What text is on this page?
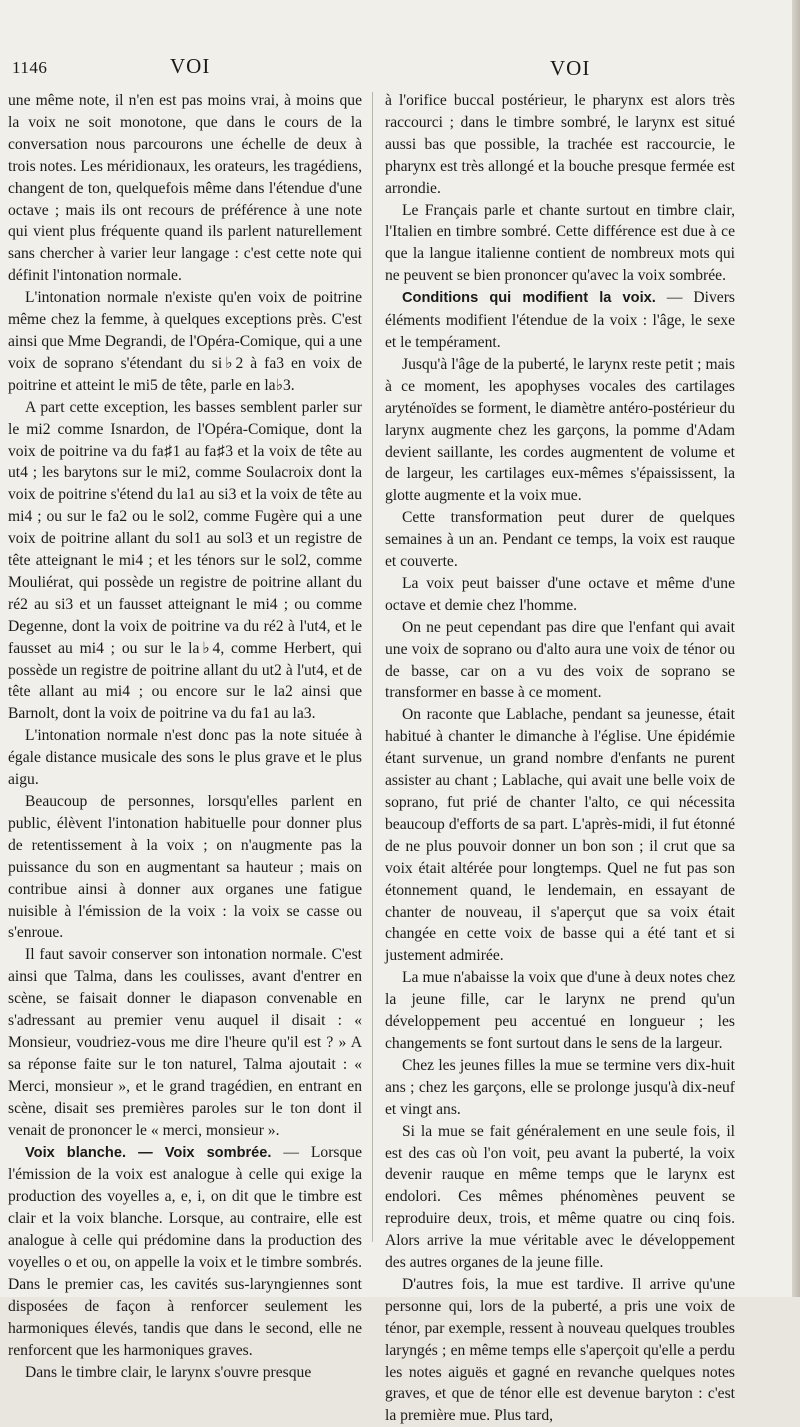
1146	VOI	VOI

une même note, il n'en est pas moins vrai, à moins que la voix ne soit monotone, que dans le cours de la conversation nous parcourons une échelle de deux à trois notes. Les méridionaux, les orateurs, les tragédiens, changent de ton, quelquefois même dans l'étendue d'une octave ; mais ils ont recours de préférence à une note qui vient plus fréquente quand ils parlent naturellement sans chercher à varier leur langage : c'est cette note qui définit l'intonation normale.

L'intonation normale n'existe qu'en voix de poitrine même chez la femme, à quelques exceptions près. C'est ainsi que Mme Degrandi, de l'Opéra-Comique, qui a une voix de soprano s'étendant du si♭2 à fa3 en voix de poitrine et atteint le mi5 de tête, parle en la♭3.

A part cette exception, les basses semblent parler sur le mi2 comme Isnardon, de l'Opéra-Comique, dont la voix de poitrine va du fa♯1 au fa♯3 et la voix de tête au ut4 ; les barytons sur le mi2, comme Soulacroix dont la voix de poitrine s'étend du la1 au si3 et la voix de tête au mi4 ; ou sur le fa2 ou le sol2, comme Fugère qui a une voix de poitrine allant du sol1 au sol3 et un registre de tête atteignant le mi4 ; et les ténors sur le sol2, comme Mouliérat, qui possède un registre de poitrine allant du ré2 au si3 et un fausset atteignant le mi4 ; ou comme Degenne, dont la voix de poitrine va du ré2 à l'ut4, et le fausset au mi4 ; ou sur le la♭4, comme Herbert, qui possède un registre de poitrine allant du ut2 à l'ut4, et de tête allant au mi4 ; ou encore sur le la2 ainsi que Barnolt, dont la voix de poitrine va du fa1 au la3.

L'intonation normale n'est donc pas la note située à égale distance musicale des sons le plus grave et le plus aigu.

Beaucoup de personnes, lorsqu'elles parlent en public, élèvent l'intonation habituelle pour donner plus de retentissement à la voix ; on n'augmente pas la puissance du son en augmentant sa hauteur ; mais on contribue ainsi à donner aux organes une fatigue nuisible à l'émission de la voix : la voix se casse ou s'enroue.

Il faut savoir conserver son intonation normale. C'est ainsi que Talma, dans les coulisses, avant d'entrer en scène, se faisait donner le diapason convenable en s'adressant au premier venu auquel il disait : « Monsieur, voudriez-vous me dire l'heure qu'il est ? » A sa réponse faite sur le ton naturel, Talma ajoutait : « Merci, monsieur », et le grand tragédien, en entrant en scène, disait ses premières paroles sur le ton dont il venait de prononcer le « merci, monsieur ».

Voix blanche. — Voix sombrée. — Lorsque l'émission de la voix est analogue à celle qui exige la production des voyelles a, e, i, on dit que le timbre est clair et la voix blanche. Lorsque, au contraire, elle est analogue à celle qui prédomine dans la production des voyelles o et ou, on appelle la voix et le timbre sombrés. Dans le premier cas, les cavités sus-laryngiennes sont disposées de façon à renforcer seulement les harmoniques élevés, tandis que dans le second, elle ne renforcent que les harmoniques graves.

Dans le timbre clair, le larynx s'ouvre presque

à l'orifice buccal postérieur, le pharynx est alors très raccourci ; dans le timbre sombré, le larynx est situé aussi bas que possible, la trachée est raccourcie, le pharynx est très allongé et la bouche presque fermée est arrondie.

Le Français parle et chante surtout en timbre clair, l'Italien en timbre sombré. Cette différence est due à ce que la langue italienne contient de nombreux mots qui ne peuvent se bien prononcer qu'avec la voix sombrée.

Conditions qui modifient la voix. — Divers éléments modifient l'étendue de la voix : l'âge, le sexe et le tempérament.

Jusqu'à l'âge de la puberté, le larynx reste petit ; mais à ce moment, les apophyses vocales des cartilages aryténoïdes se forment, le diamètre antéro-postérieur du larynx augmente chez les garçons, la pomme d'Adam devient saillante, les cordes augmentent de volume et de largeur, les cartilages eux-mêmes s'épaississent, la glotte augmente et la voix mue.

Cette transformation peut durer de quelques semaines à un an. Pendant ce temps, la voix est rauque et couverte.

La voix peut baisser d'une octave et même d'une octave et demie chez l'homme.

On ne peut cependant pas dire que l'enfant qui avait une voix de soprano ou d'alto aura une voix de ténor ou de basse, car on a vu des voix de soprano se transformer en basse à ce moment.

On raconte que Lablache, pendant sa jeunesse, était habitué à chanter le dimanche à l'église. Une épidémie étant survenue, un grand nombre d'enfants ne purent assister au chant ; Lablache, qui avait une belle voix de soprano, fut prié de chanter l'alto, ce qui nécessita beaucoup d'efforts de sa part. L'après-midi, il fut étonné de ne plus pouvoir donner un bon son ; il crut que sa voix était altérée pour longtemps. Quel ne fut pas son étonnement quand, le lendemain, en essayant de chanter de nouveau, il s'aperçut que sa voix était changée en cette voix de basse qui a été tant et si justement admirée.

La mue n'abaisse la voix que d'une à deux notes chez la jeune fille, car le larynx ne prend qu'un développement peu accentué en longueur ; les changements se font surtout dans le sens de la largeur.

Chez les jeunes filles la mue se termine vers dix-huit ans ; chez les garçons, elle se prolonge jusqu'à dix-neuf et vingt ans.

Si la mue se fait généralement en une seule fois, il est des cas où l'on voit, peu avant la puberté, la voix devenir rauque en même temps que le larynx est endolori. Ces mêmes phénomènes peuvent se reproduire deux, trois, et même quatre ou cinq fois. Alors arrive la mue véritable avec le développement des autres organes de la jeune fille.

D'autres fois, la mue est tardive. Il arrive qu'une personne qui, lors de la puberté, a pris une voix de ténor, par exemple, ressent à nouveau quelques troubles laryngés ; en même temps elle s'aperçoit qu'elle a perdu les notes aiguës et gagné en revanche quelques notes graves, et que de ténor elle est devenue baryton : c'est la première mue. Plus tard,
